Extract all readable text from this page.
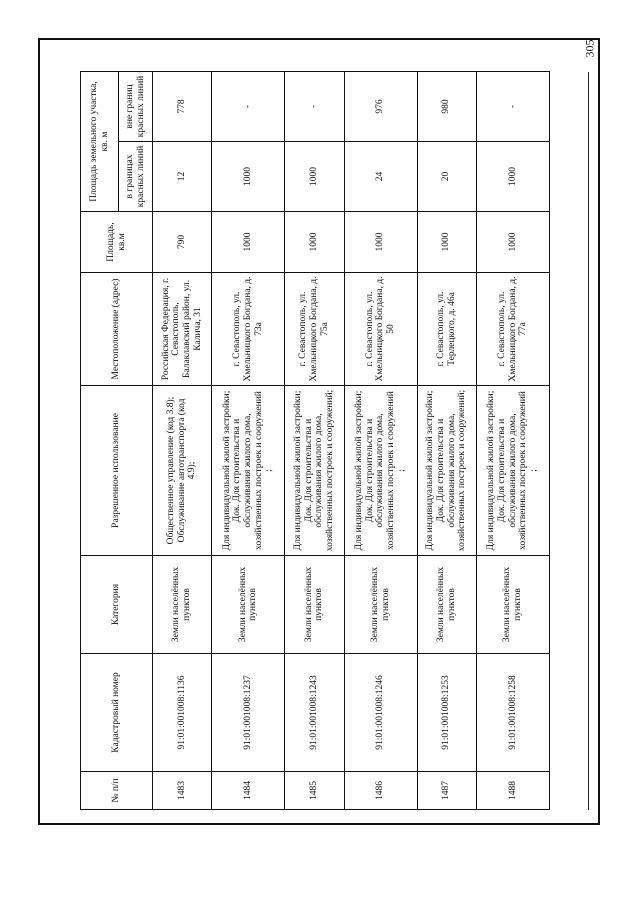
305
№ п/п	Кадастровый номер	Категория	Разрешенное использование	Местоположение (адрес)	Площадь, кв.м	Площадь земельного участка, кв. м	
						в границах красных линий	вне границ красных линий
1483	91:01:001008:1136	Земли населённых пунктов	Общественное управление (код 3.8); Обслуживание автотранспорта (код 4.9);	Российская Федерация, г. Севастополь, Балаклавский район, ул. Калича, 31	790	12	778
1484	91:01:001008:1237	Земли населённых пунктов	Для индивидуальной жилой застройки; Док. Для строительства и обслуживания жилого дома, хозяйственных построек и сооружений ;	г. Севастополь, ул. Хмельницкого Богдана, д. 73а	1000	1000	-
1485	91:01:001008:1243	Земли населённых пунктов	Для индивидуальной жилой застройки; Док. Для строительства и обслуживания жилого дома, хозяйственных построек и сооружений;	г. Севастополь, ул. Хмельницкого Богдана, д. 75а	1000	1000	-
1486	91:01:001008:1246	Земли населённых пунктов	Для индивидуальной жилой застройки; Док. Для строительства и обслуживания жилого дома, хозяйственных построек и сооружений ;	г. Севастополь, ул. Хмельницкого Богдана, д. 50	1000	24	976
1487	91:01:001008:1253	Земли населённых пунктов	Для индивидуальной жилой застройки; Док. Для строительства и обслуживания жилого дома, хозяйственных построек и сооружений;	г. Севастополь, ул. Терлецкого, д. 46а	1000	20	980
1488	91:01:001008:1258	Земли населённых пунктов	Для индивидуальной жилой застройки; Док. Для строительства и обслуживания жилого дома, хозяйственных построек и сооружений ;	г. Севастополь, ул. Хмельницкого Богдана, д. 77а	1000	1000	-
